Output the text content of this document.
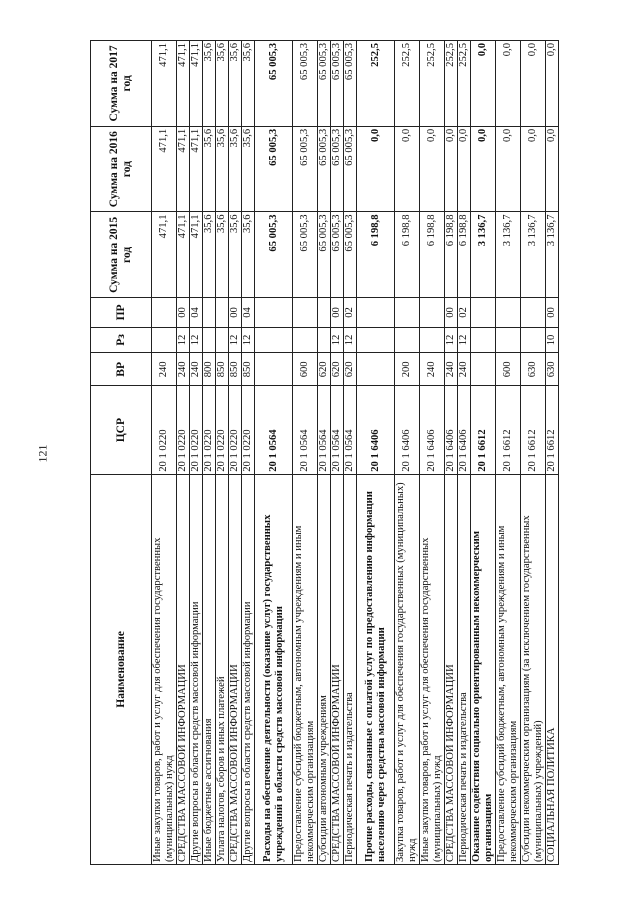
121
Наименование	ЦСР	ВР	Рз	ПР	Сумма на 2015 год	Сумма на 2016 год	Сумма на 2017 год
Иные закупки товаров, работ и услуг для обеспечения государственных (муниципальных) нужд	20 1 0220	240			471,1	471,1	471,1
СРЕДСТВА МАССОВОЙ ИНФОРМАЦИИ	20 1 0220	240	12	00	471,1	471,1	471,1
Другие вопросы в области средств массовой информации	20 1 0220	240	12	04	471,1	471,1	471,1
Иные бюджетные ассигнования	20 1 0220	800			35,6	35,6	35,6
Уплата налогов, сборов и иных платежей	20 1 0220	850			35,6	35,6	35,6
СРЕДСТВА МАССОВОЙ ИНФОРМАЦИИ	20 1 0220	850	12	00	35,6	35,6	35,6
Другие вопросы в области средств массовой информации	20 1 0220	850	12	04	35,6	35,6	35,6
Расходы на обеспечение деятельности (оказание услуг) государственных учреждений в области средств массовой информации	20 1 0564				65 005,3	65 005,3	65 005,3
Предоставление субсидий бюджетным, автономным учреждениям и иным некоммерческим организациям	20 1 0564	600			65 005,3	65 005,3	65 005,3
Субсидии автономным учреждениям	20 1 0564	620			65 005,3	65 005,3	65 005,3
СРЕДСТВА МАССОВОЙ ИНФОРМАЦИИ	20 1 0564	620	12	00	65 005,3	65 005,3	65 005,3
Периодическая печать и издательства	20 1 0564	620	12	02	65 005,3	65 005,3	65 005,3
Прочие расходы, связанные с оплатой услуг по предоставлению информации населению через средства массовой информации	20 1 6406				6 198,8	0,0	252,5
Закупка товаров, работ и услуг для обеспечения государственных (муниципальных) нужд	20 1 6406	200			6 198,8	0,0	252,5
Иные закупки товаров, работ и услуг для обеспечения государственных (муниципальных) нужд	20 1 6406	240			6 198,8	0,0	252,5
СРЕДСТВА МАССОВОЙ ИНФОРМАЦИИ	20 1 6406	240	12	00	6 198,8	0,0	252,5
Периодическая печать и издательства	20 1 6406	240	12	02	6 198,8	0,0	252,5
Оказание содействия социально ориентированным некоммерческим организациям	20 1 6612				3 136,7	0,0	0,0
Предоставление субсидий бюджетным, автономным учреждениям и иным некоммерческим организациям	20 1 6612	600			3 136,7	0,0	0,0
Субсидии некоммерческим организациям (за исключением государственных (муниципальных) учреждений)	20 1 6612	630			3 136,7	0,0	0,0
СОЦИАЛЬНАЯ ПОЛИТИКА	20 1 6612	630	10	00	3 136,7	0,0	0,0
